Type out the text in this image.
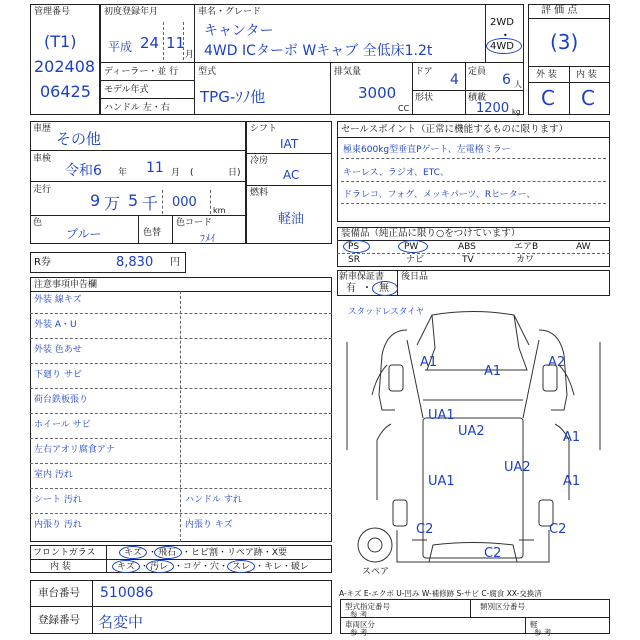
管理番号
(T1)
202408
06425
初度登録年月
平成 24 11
月
車名・グレード
キャンター
4WD ICターボ Wキャブ 全低床1.2t
2WD
•
4WD
ディーラー・並 行
モデル年式
ハンドル 左・右
型式
TPG-ｿﾉ他
排気量
3000
CC
ドア 4 定員 6 人
形状	積載
1200 kg
評 価 点
(3)
外 装 内 装
C C
車歴
その他
車検
令和6 年 11 月 (	日)
走行
9 万 5 千 000
km
色
ブルー	色替
色コード
ﾌﾒｲ
シフト
IAT
冷房
AC
燃料
軽油
R券	8,830 円
セールスポイント（正常に機能するものに限ります）
極東600kg型垂直Pゲート、左電格ミラー
キーレス、ラジオ、ETC、
ドラレコ、フォグ、メッキパーツ、Rヒーター、
装備品（純正品に限り○をつけています）
PS	PW	ABS	エアB	AW
SR	ナビ	TV	カワ
新車保証書
有 ・ 無
後日品
注意事項申告欄
外装 線キズ
外装 A・U
外装 色あせ
下廻り サビ
荷台鉄板張り
ホイール サビ
左右アオリ腐食アナ
室内 汚れ
シート 汚れ	ハンドル すれ
内張り 汚れ	内張り キズ
スタッドレスタイヤ
スペア
A1
A1
A2
UA1
UA2	A1
UA2
UA1	A1
C2	C2
C2
フロントガラス
内 装
キズ ・ 飛石 ・ヒビ割・リペア跡・X要
キズ ・ 汚レ ・コゲ・穴・ スレ ・キレ・破レ
車台番号 510086
登録番号 名変中
A-キズ E-エクボ U-凹み W-補修跡 S-サビ C-腐食 XX-交換済
型式指定番号
参 考
類別区分番号
車両区分
参 考
軽
参 考
